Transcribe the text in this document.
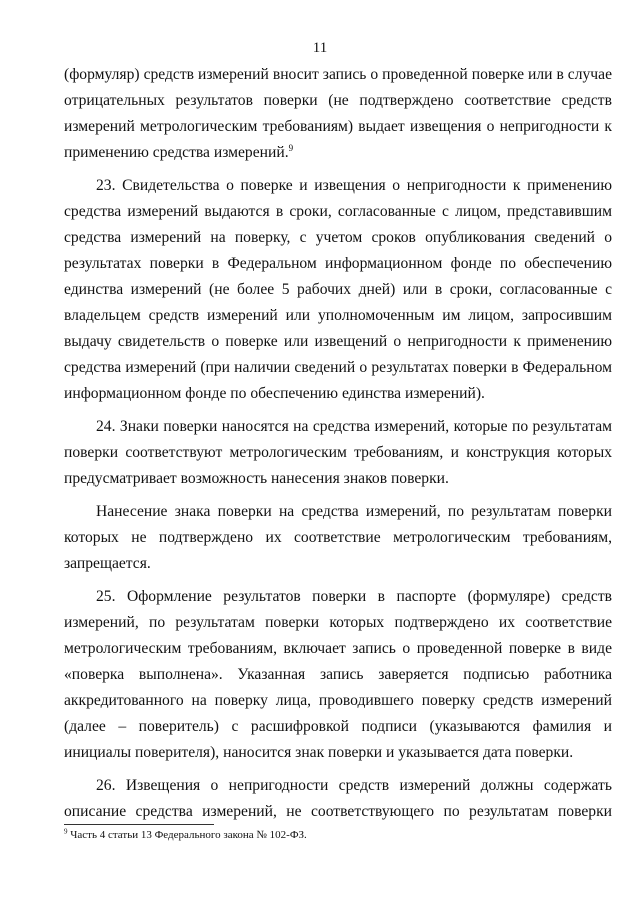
11

(формуляр) средств измерений вносит запись о проведенной поверке или в случае отрицательных результатов поверки (не подтверждено соответствие средств измерений метрологическим требованиям) выдает извещения о непригодности к применению средства измерений.$^9$

23. Свидетельства о поверке и извещения о непригодности к применению средства измерений выдаются в сроки, согласованные с лицом, представившим средства измерений на поверку, с учетом сроков опубликования сведений о результатах поверки в Федеральном информационном фонде по обеспечению единства измерений (не более 5 рабочих дней) или в сроки, согласованные с владельцем средств измерений или уполномоченным им лицом, запросившим выдачу свидетельств о поверке или извещений о непригодности к применению средства измерений (при наличии сведений о результатах поверки в Федеральном информационном фонде по обеспечению единства измерений).

24. Знаки поверки наносятся на средства измерений, которые по результатам поверки соответствуют метрологическим требованиям, и конструкция которых предусматривает возможность нанесения знаков поверки.

Нанесение знака поверки на средства измерений, по результатам поверки которых не подтверждено их соответствие метрологическим требованиям, запрещается.

25. Оформление результатов поверки в паспорте (формуляре) средств измерений, по результатам поверки которых подтверждено их соответствие метрологическим требованиям, включает запись о проведенной поверке в виде «поверка выполнена». Указанная запись заверяется подписью работника аккредитованного на поверку лица, проводившего поверку средств измерений (далее – поверитель) с расшифровкой подписи (указываются фамилия и инициалы поверителя), наносится знак поверки и указывается дата поверки.

26. Извещения о непригодности средств измерений должны содержать описание средства измерений, не соответствующего по результатам поверки

$^9$ Часть 4 статьи 13 Федерального закона № 102-ФЗ.
